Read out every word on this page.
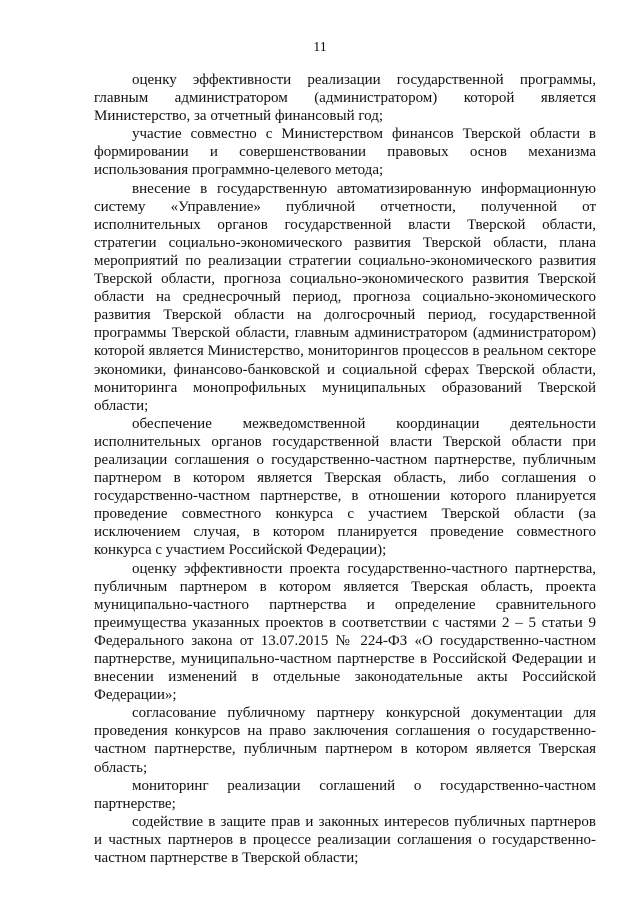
11

оценку эффективности реализации государственной программы, главным администратором (администратором) которой является Министерство, за отчетный финансовый год;

участие совместно с Министерством финансов Тверской области в формировании и совершенствовании правовых основ механизма использования программно-целевого метода;

внесение в государственную автоматизированную информационную систему «Управление» публичной отчетности, полученной от исполнительных органов государственной власти Тверской области, стратегии социально-экономического развития Тверской области, плана мероприятий по реализации стратегии социально-экономического развития Тверской области, прогноза социально-экономического развития Тверской области на среднесрочный период, прогноза социально-экономического развития Тверской области на долгосрочный период, государственной программы Тверской области, главным администратором (администратором) которой является Министерство, мониторингов процессов в реальном секторе экономики, финансово-банковской и социальной сферах Тверской области, мониторинга монопрофильных муниципальных образований Тверской области;

обеспечение межведомственной координации деятельности исполнительных органов государственной власти Тверской области при реализации соглашения о государственно-частном партнерстве, публичным партнером в котором является Тверская область, либо соглашения о государственно-частном партнерстве, в отношении которого планируется проведение совместного конкурса с участием Тверской области (за исключением случая, в котором планируется проведение совместного конкурса с участием Российской Федерации);

оценку эффективности проекта государственно-частного партнерства, публичным партнером в котором является Тверская область, проекта муниципально-частного партнерства и определение сравнительного преимущества указанных проектов в соответствии с частями 2 – 5 статьи 9 Федерального закона от 13.07.2015 № 224-ФЗ «О государственно-частном партнерстве, муниципально-частном партнерстве в Российской Федерации и внесении изменений в отдельные законодательные акты Российской Федерации»;

согласование публичному партнеру конкурсной документации для проведения конкурсов на право заключения соглашения о государственно-частном партнерстве, публичным партнером в котором является Тверская область;

мониторинг реализации соглашений о государственно-частном партнерстве;

содействие в защите прав и законных интересов публичных партнеров и частных партнеров в процессе реализации соглашения о государственно-частном партнерстве в Тверской области;
